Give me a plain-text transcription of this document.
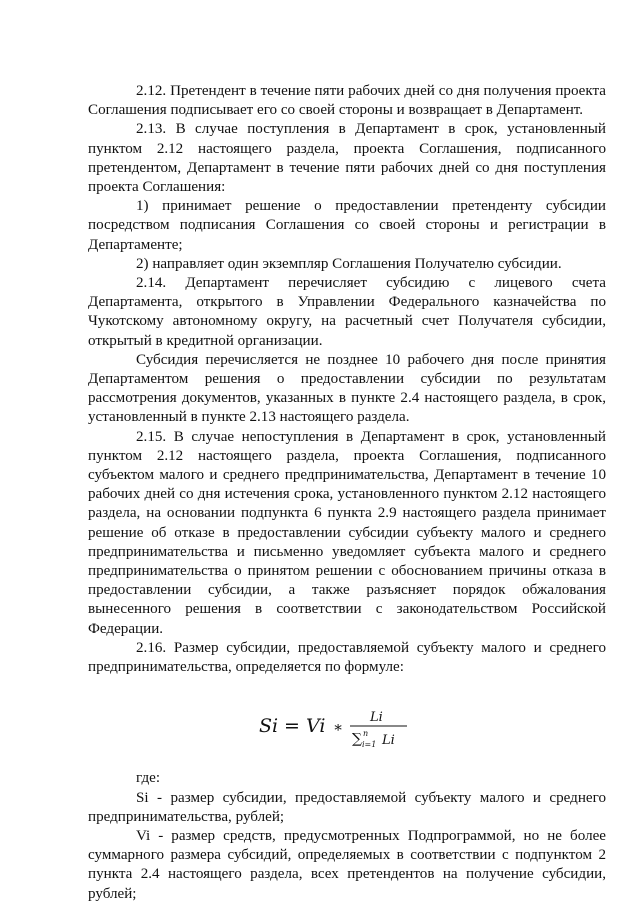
2.12. Претендент в течение пяти рабочих дней со дня получения проекта Соглашения подписывает его со своей стороны и возвращает в Департамент.

2.13. В случае поступления в Департамент в срок, установленный пунктом 2.12 настоящего раздела, проекта Соглашения, подписанного претендентом, Департамент в течение пяти рабочих дней со дня поступления проекта Соглашения:

1) принимает решение о предоставлении претенденту субсидии посредством подписания Соглашения со своей стороны и регистрации в Департаменте;

2) направляет один экземпляр Соглашения Получателю субсидии.

2.14. Департамент перечисляет субсидию с лицевого счета Департамента, открытого в Управлении Федерального казначейства по Чукотскому автономному округу, на расчетный счет Получателя субсидии, открытый в кредитной организации.

Субсидия перечисляется не позднее 10 рабочего дня после принятия Департаментом решения о предоставлении субсидии по результатам рассмотрения документов, указанных в пункте 2.4 настоящего раздела, в срок, установленный в пункте 2.13 настоящего раздела.

2.15. В случае непоступления в Департамент в срок, установленный пунктом 2.12 настоящего раздела, проекта Соглашения, подписанного субъектом малого и среднего предпринимательства, Департамент в течение 10 рабочих дней со дня истечения срока, установленного пунктом 2.12 настоящего раздела, на основании подпункта 6 пункта 2.9 настоящего раздела принимает решение об отказе в предоставлении субсидии субъекту малого и среднего предпринимательства и письменно уведомляет субъекта малого и среднего предпринимательства о принятом решении с обоснованием причины отказа в предоставлении субсидии, а также разъясняет порядок обжалования вынесенного решения в соответствии с законодательством Российской Федерации.

2.16. Размер субсидии, предоставляемой субъекту малого и среднего предпринимательства, определяется по формуле:

Si = Vi ∗
Li
∑ n
i=1 Li

где:

Si - размер субсидии, предоставляемой субъекту малого и среднего предпринимательства, рублей;

Vi - размер средств, предусмотренных Подпрограммой, но не более суммарного размера субсидий, определяемых в соответствии с подпунктом 2 пункта 2.4 настоящего раздела, всех претендентов на получение субсидии, рублей;
